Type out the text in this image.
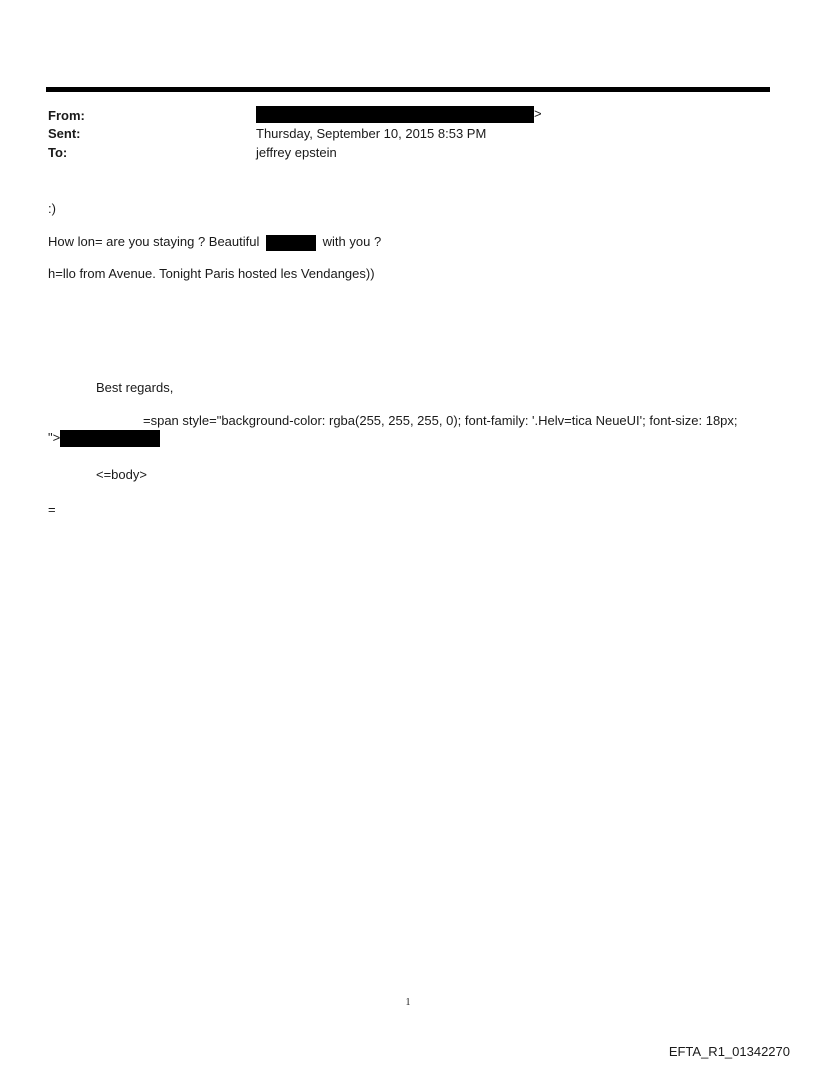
From:	>
Sent:	Thursday, September 10, 2015 8:53 PM
To:	jeffrey epstein
:)
How lon= are you staying ? Beautiful	with you ?
h=llo from Avenue. Tonight Paris hosted les Vendanges))
Best regards,
=span style="background-color: rgba(255, 255, 255, 0); font-family: '.Helv=tica NeueUI'; font-size: 18px;
">
<=body>
=
1
EFTA_R1_01342270
